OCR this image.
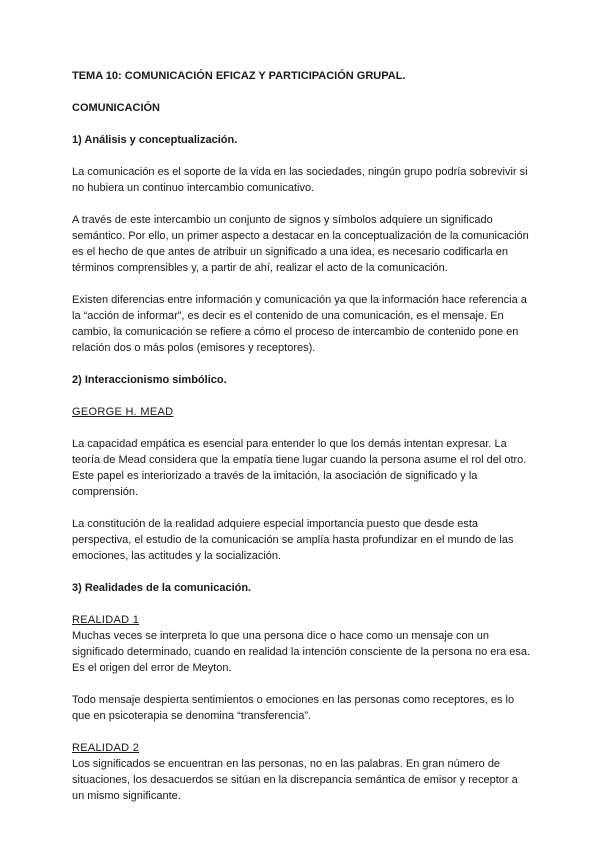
TEMA 10: COMUNICACIÓN EFICAZ Y PARTICIPACIÓN GRUPAL.
COMUNICACIÓN
1) Análisis y conceptualización.

La comunicación es el soporte de la vida en las sociedades, ningún grupo podría sobrevivir si no hubiera un continuo intercambio comunicativo.

A través de este intercambio un conjunto de signos y símbolos adquiere un significado semántico. Por ello, un primer aspecto a destacar en la conceptualización de la comunicación es el hecho de que antes de atribuir un significado a una idea, es necesario codificarla en términos comprensibles y, a partir de ahí, realizar el acto de la comunicación.

Existen diferencias entre información y comunicación ya que la información hace referencia a la “acción de informar”, es decir es el contenido de una comunicación, es el mensaje. En cambio, la comunicación se refiere a cómo el proceso de intercambio de contenido pone en relación dos o más polos (emisores y receptores).

2) Interaccionismo simbólico.
GEORGE H. MEAD

La capacidad empática es esencial para entender lo que los demás intentan expresar. La teoría de Mead considera que la empatía tiene lugar cuando la persona asume el rol del otro.

Este papel es interiorizado a través de la imitación, la asociación de significado y la comprensión.

La constitución de la realidad adquiere especial importancia puesto que desde esta perspectiva, el estudio de la comunicación se amplía hasta profundizar en el mundo de las emociones, las actitudes y la socialización.

3) Realidades de la comunicación.
REALIDAD 1

Muchas veces se interpreta lo que una persona dice o hace como un mensaje con un significado determinado, cuando en realidad la intención consciente de la persona no era esa. Es el origen del error de Meyton.

Todo mensaje despierta sentimientos o emociones en las personas como receptores, es lo que en psicoterapia se denomina “transferencia”.

REALIDAD 2

Los significados se encuentran en las personas, no en las palabras. En gran número de situaciones, los desacuerdos se sitúan en la discrepancia semántica de emisor y receptor a un mismo significante.
